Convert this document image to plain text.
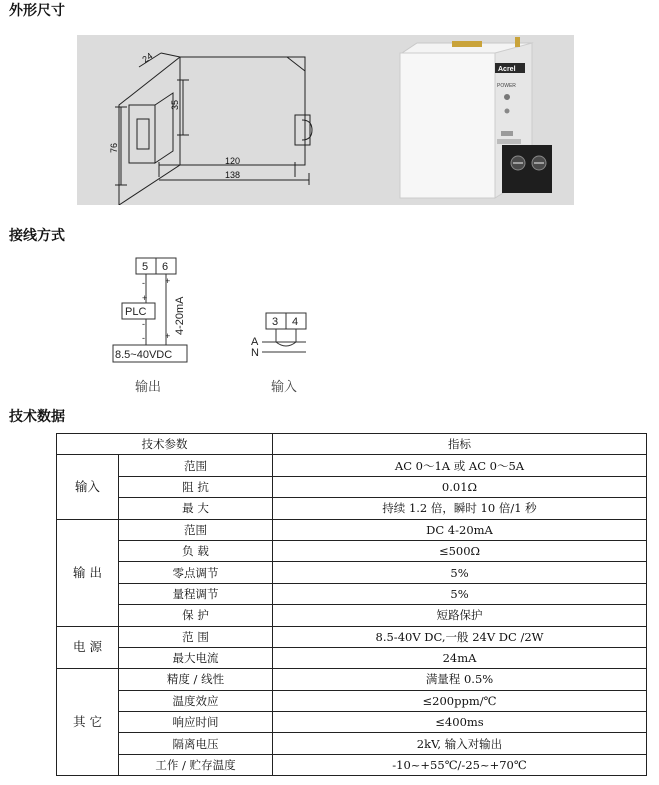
外形尺寸
24
35
76
120
138
Acrel
POWER
接线方式
5 6
- +
+
PLC
-
- +
4-20mA
8.5~40VDC
3 4
A
N
输出	输入
技术数据
技术参数		指标
输入	范围	AC 0～1A 或 AC 0～5A
	阻 抗	0.01Ω
	最 大	持续 1.2 倍，瞬时 10 倍/1 秒
输 出	范围	DC 4-20mA
	负 载	≤500Ω
	零点调节	5%
	量程调节	5%
	保 护	短路保护
电 源	范 围	8.5-40V DC,一般 24V DC /2W
	最大电流	24mA
其 它	精度 / 线性	满量程 0.5%
	温度效应	≤200ppm/℃
	响应时间	≤400ms
	隔离电压	2kV, 输入对输出
	工作 / 贮存温度	-10~+55℃/-25~+70℃
